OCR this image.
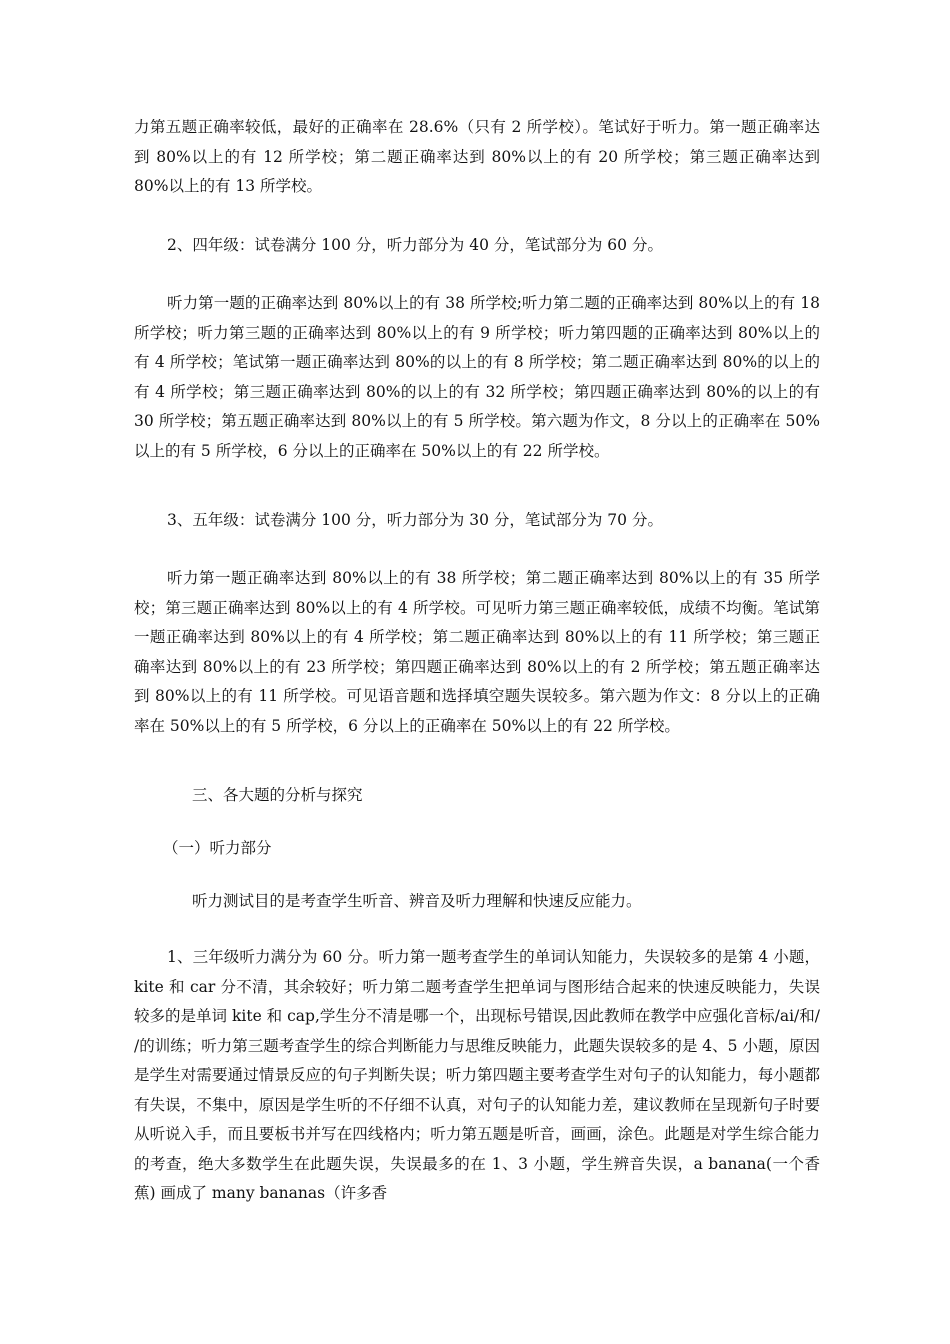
力第五题正确率较低，最好的正确率在 28.6%（只有 2 所学校）。笔试好于听力。第一题正确率达到 80%以上的有 12 所学校；第二题正确率达到 80%以上的有 20 所学校；第三题正确率达到 80%以上的有 13 所学校。

2、四年级：试卷满分 100 分，听力部分为 40 分，笔试部分为 60 分。

听力第一题的正确率达到 80%以上的有 38 所学校;听力第二题的正确率达到 80%以上的有 18 所学校；听力第三题的正确率达到 80%以上的有 9 所学校；听力第四题的正确率达到 80%以上的有 4 所学校；笔试第一题正确率达到 80%的以上的有 8 所学校；第二题正确率达到 80%的以上的有 4 所学校；第三题正确率达到 80%的以上的有 32 所学校；第四题正确率达到 80%的以上的有 30 所学校；第五题正确率达到 80%以上的有 5 所学校。第六题为作文，8 分以上的正确率在 50%以上的有 5 所学校，6 分以上的正确率在 50%以上的有 22 所学校。

3、五年级：试卷满分 100 分，听力部分为 30 分，笔试部分为 70 分。

听力第一题正确率达到 80%以上的有 38 所学校；第二题正确率达到 80%以上的有 35 所学校；第三题正确率达到 80%以上的有 4 所学校。可见听力第三题正确率较低，成绩不均衡。笔试第一题正确率达到 80%以上的有 4 所学校；第二题正确率达到 80%以上的有 11 所学校；第三题正确率达到 80%以上的有 23 所学校；第四题正确率达到 80%以上的有 2 所学校；第五题正确率达到 80%以上的有 11 所学校。可见语音题和选择填空题失误较多。第六题为作文：8 分以上的正确率在 50%以上的有 5 所学校，6 分以上的正确率在 50%以上的有 22 所学校。

三、各大题的分析与探究

（一）听力部分

听力测试目的是考查学生听音、辨音及听力理解和快速反应能力。

1、三年级听力满分为 60 分。听力第一题考查学生的单词认知能力，失误较多的是第 4 小题，kite 和 car 分不清，其余较好；听力第二题考查学生把单词与图形结合起来的快速反映能力，失误较多的是单词 kite 和 cap,学生分不清是哪一个，出现标号错误,因此教师在教学中应强化音标/ai/和/ /的训练；听力第三题考查学生的综合判断能力与思维反映能力，此题失误较多的是 4、5 小题，原因是学生对需要通过情景反应的句子判断失误；听力第四题主要考查学生对句子的认知能力，每小题都有失误，不集中，原因是学生听的不仔细不认真，对句子的认知能力差，建议教师在呈现新句子时要从听说入手，而且要板书并写在四线格内；听力第五题是听音，画画，涂色。此题是对学生综合能力的考查，绝大多数学生在此题失误，失误最多的在 1、3 小题，学生辨音失误，a banana(一个香蕉) 画成了 many bananas（许多香
